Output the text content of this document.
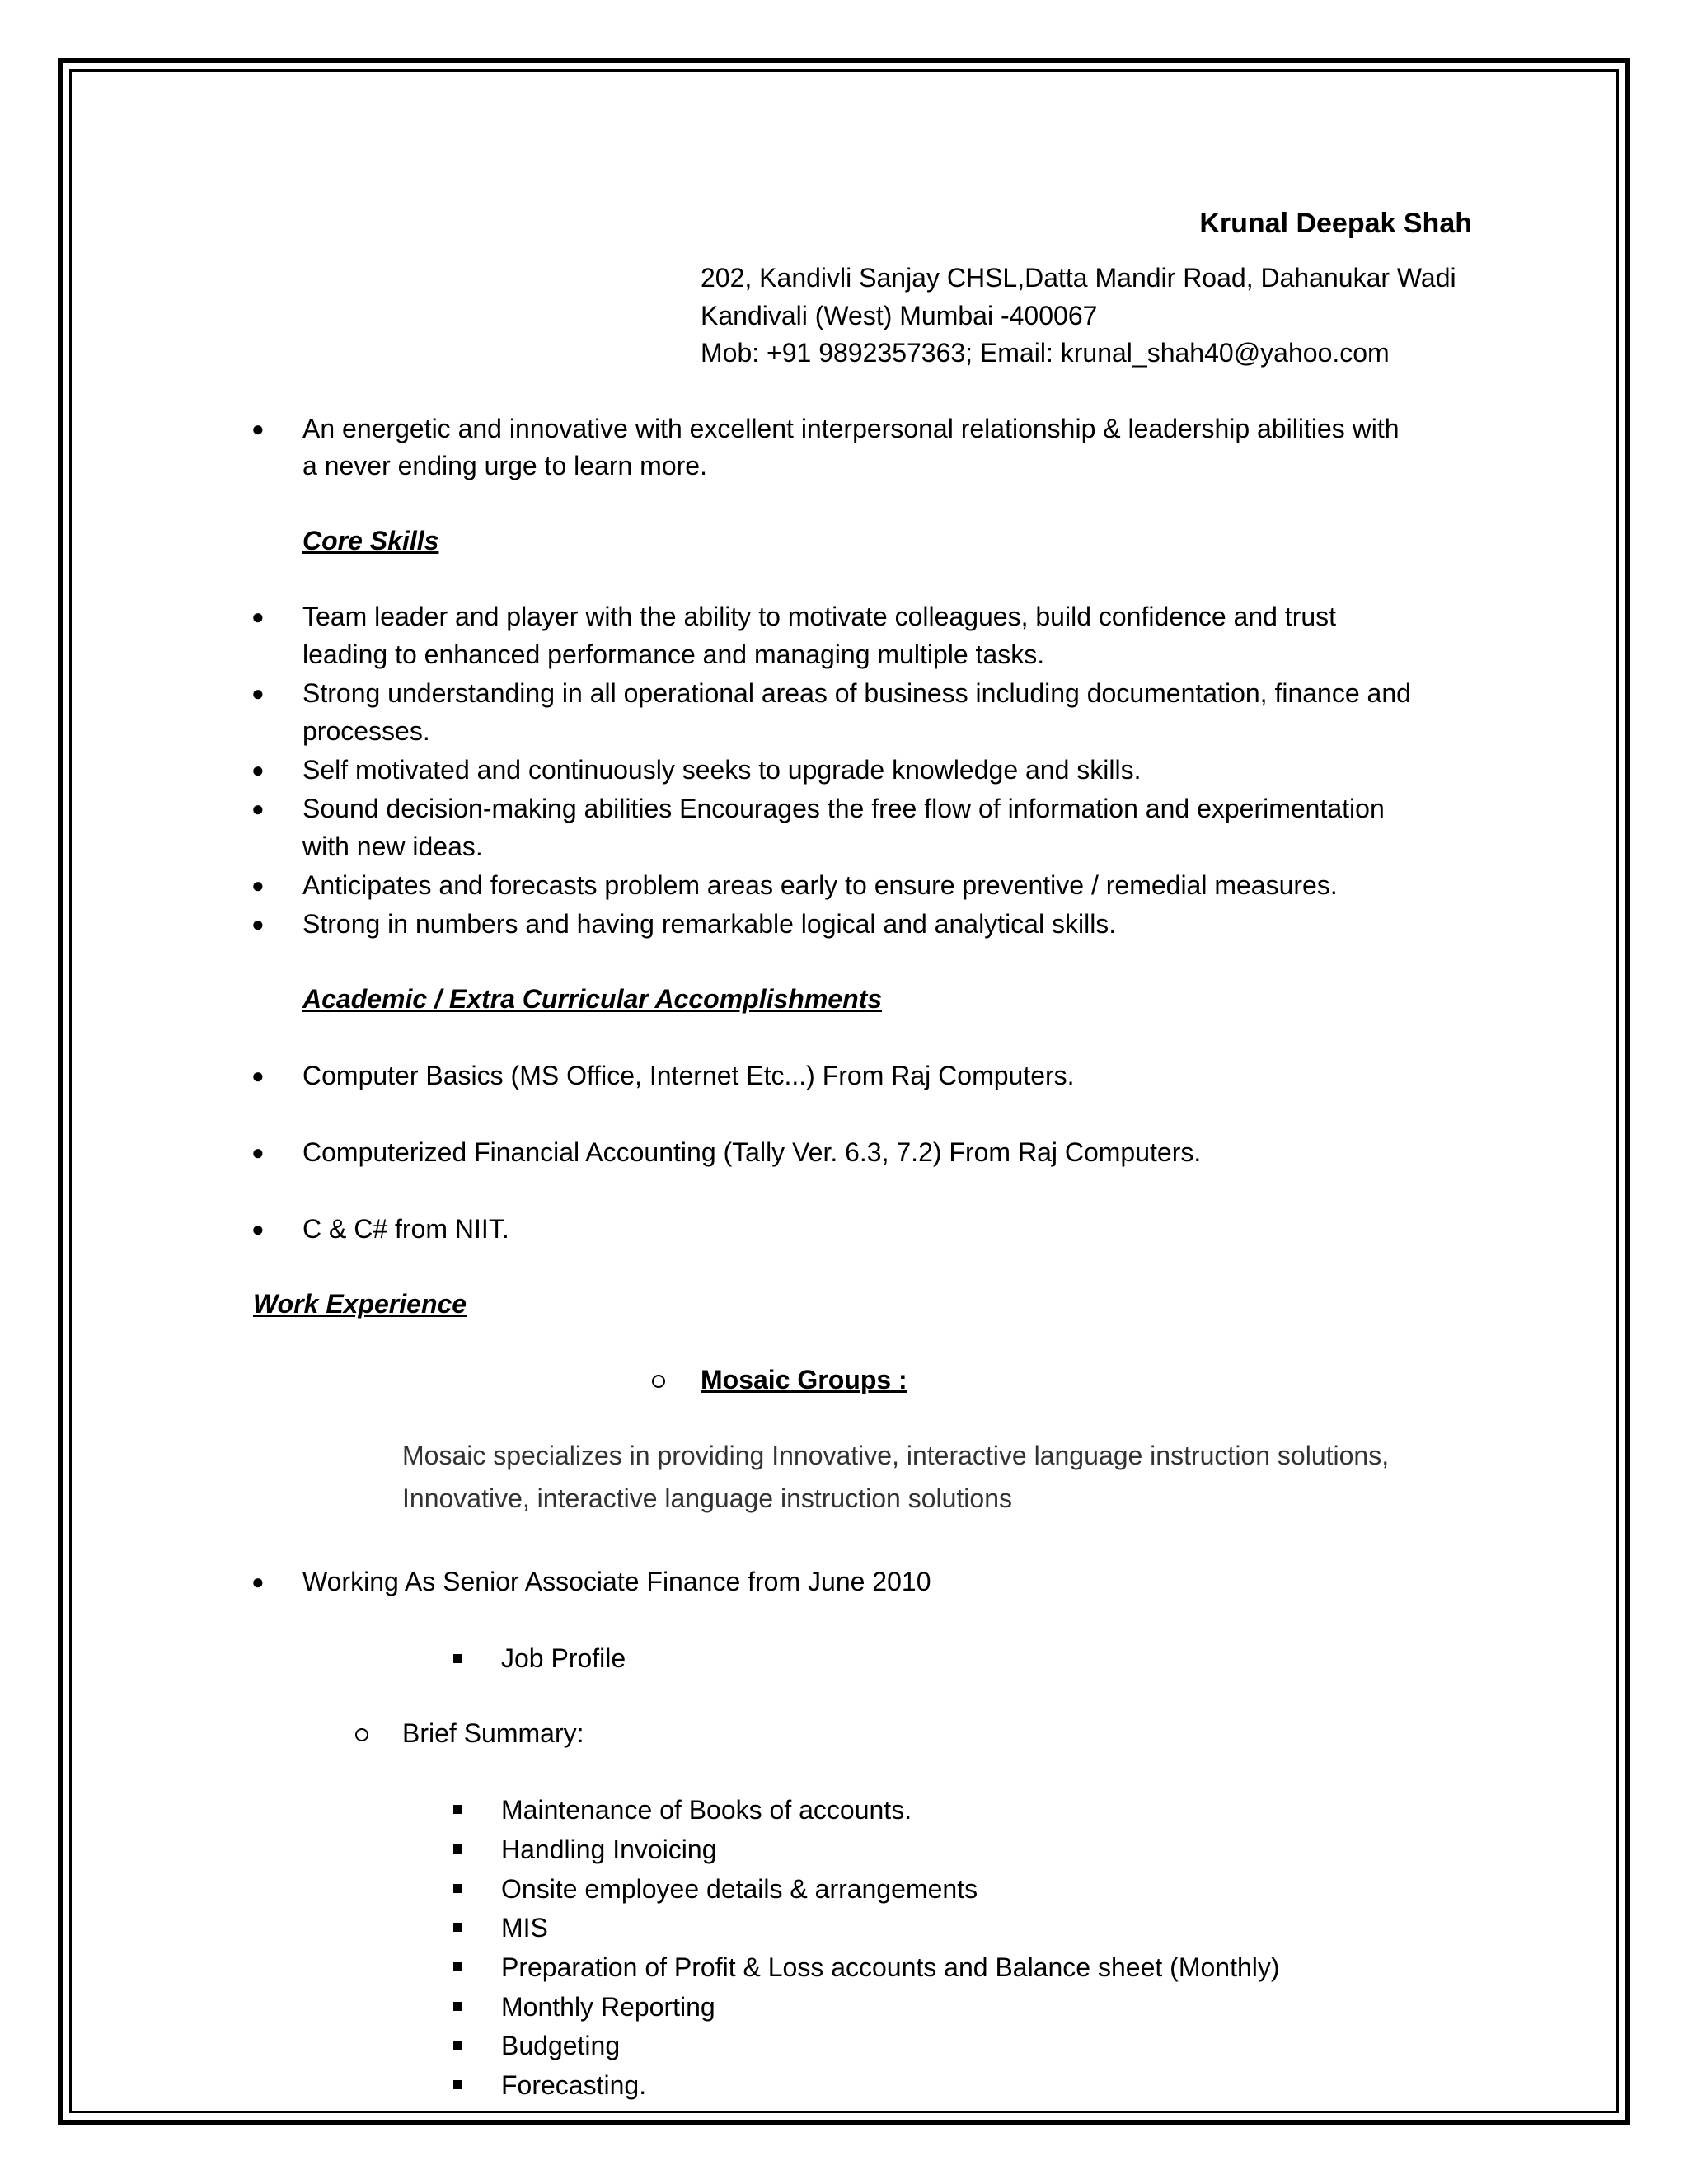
Krunal Deepak Shah
202, Kandivli Sanjay CHSL,Datta Mandir Road, Dahanukar Wadi
Kandivali (West) Mumbai -400067
Mob: +91 9892357363; Email: krunal_shah40@yahoo.com
● An energetic and innovative with excellent interpersonal relationship & leadership abilities with
a never ending urge to learn more.
Core Skills
● Team leader and player with the ability to motivate colleagues, build confidence and trust
leading to enhanced performance and managing multiple tasks.
● Strong understanding in all operational areas of business including documentation, finance and
processes.
● Self motivated and continuously seeks to upgrade knowledge and skills.
● Sound decision-making abilities Encourages the free flow of information and experimentation
with new ideas.
● Anticipates and forecasts problem areas early to ensure preventive / remedial measures.
● Strong in numbers and having remarkable logical and analytical skills.
Academic / Extra Curricular Accomplishments
● Computer Basics (MS Office, Internet Etc...) From Raj Computers.
● Computerized Financial Accounting (Tally Ver. 6.3, 7.2) From Raj Computers.
● C & C# from NIIT.
Work Experience
Mosaic Groups :
Mosaic specializes in providing Innovative, interactive language instruction solutions,
Innovative, interactive language instruction solutions
● Working As Senior Associate Finance from June 2010
Job Profile
Brief Summary:
Maintenance of Books of accounts.
Handling Invoicing
Onsite employee details & arrangements
MIS
Preparation of Profit & Loss accounts and Balance sheet (Monthly)
Monthly Reporting
Budgeting
Forecasting.
